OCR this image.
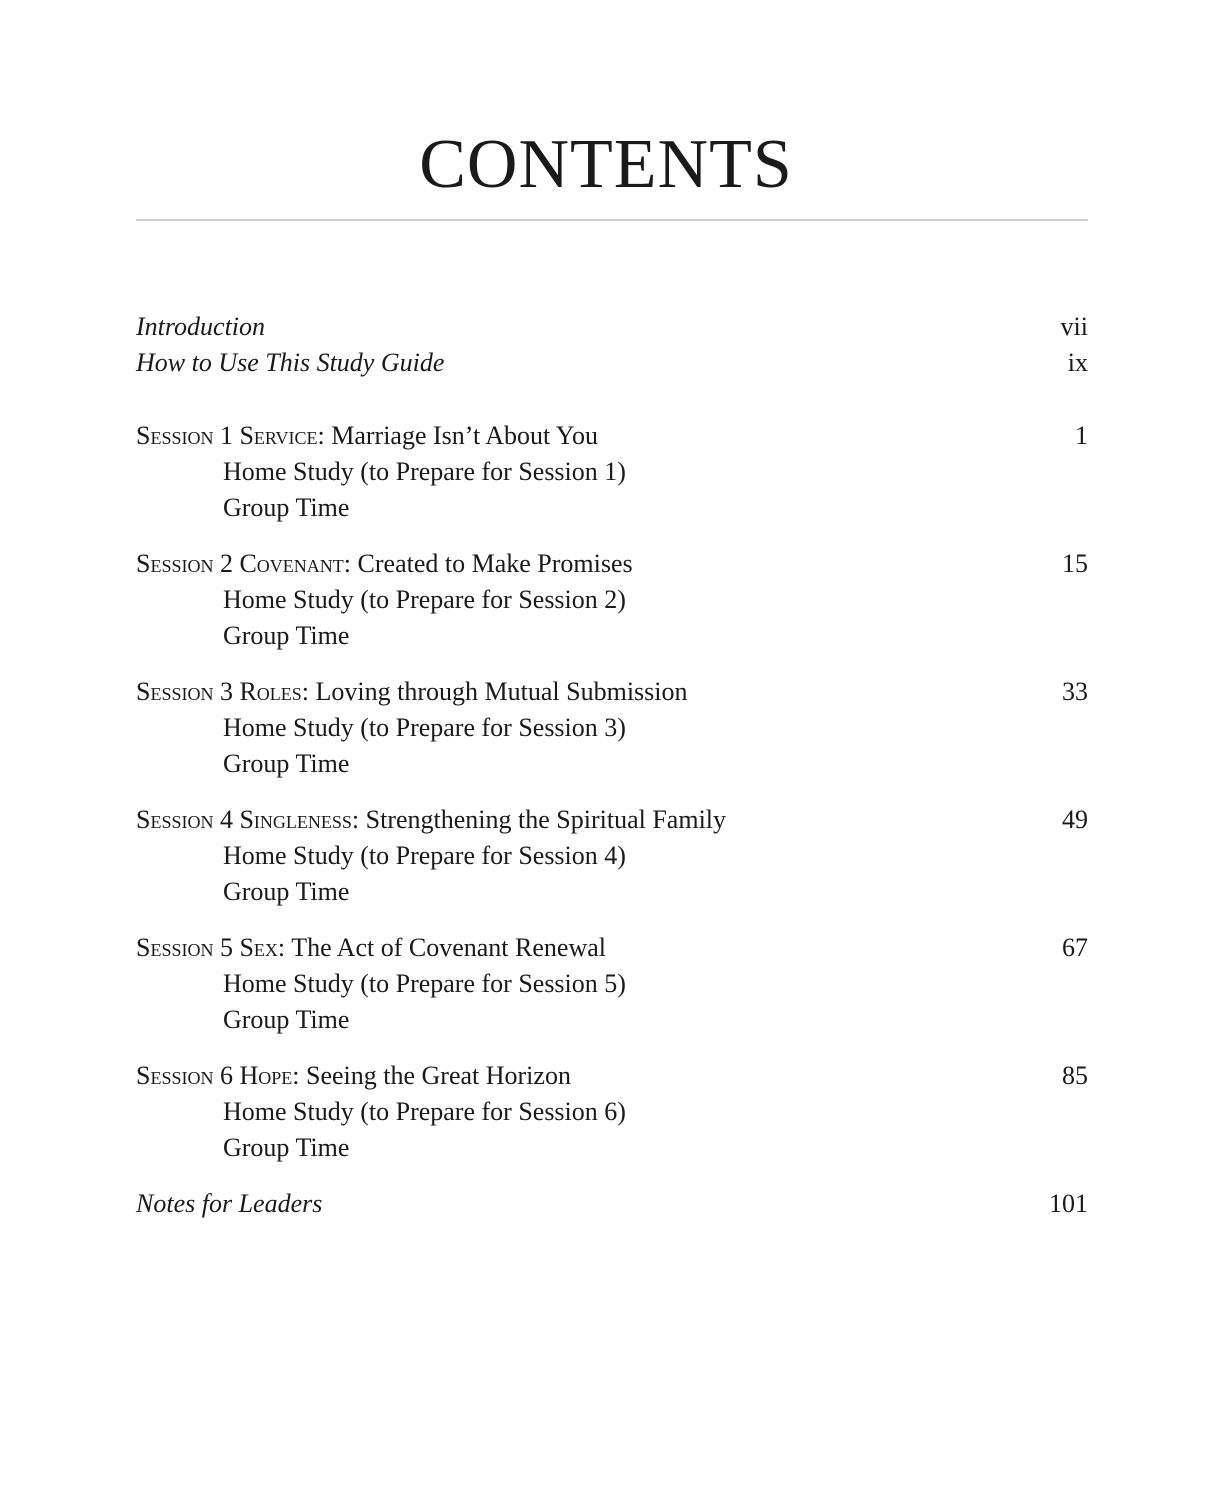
CONTENTS
Introduction	vii
How to Use This Study Guide	ix
Session 1 Service: Marriage Isn’t About You	1
Home Study (to Prepare for Session 1)
Group Time
Session 2 Covenant: Created to Make Promises	15
Home Study (to Prepare for Session 2)
Group Time
Session 3 Roles: Loving through Mutual Submission	33
Home Study (to Prepare for Session 3)
Group Time
Session 4 Singleness: Strengthening the Spiritual Family	49
Home Study (to Prepare for Session 4)
Group Time
Session 5 Sex: The Act of Covenant Renewal	67
Home Study (to Prepare for Session 5)
Group Time
Session 6 Hope: Seeing the Great Horizon	85
Home Study (to Prepare for Session 6)
Group Time
Notes for Leaders	101
